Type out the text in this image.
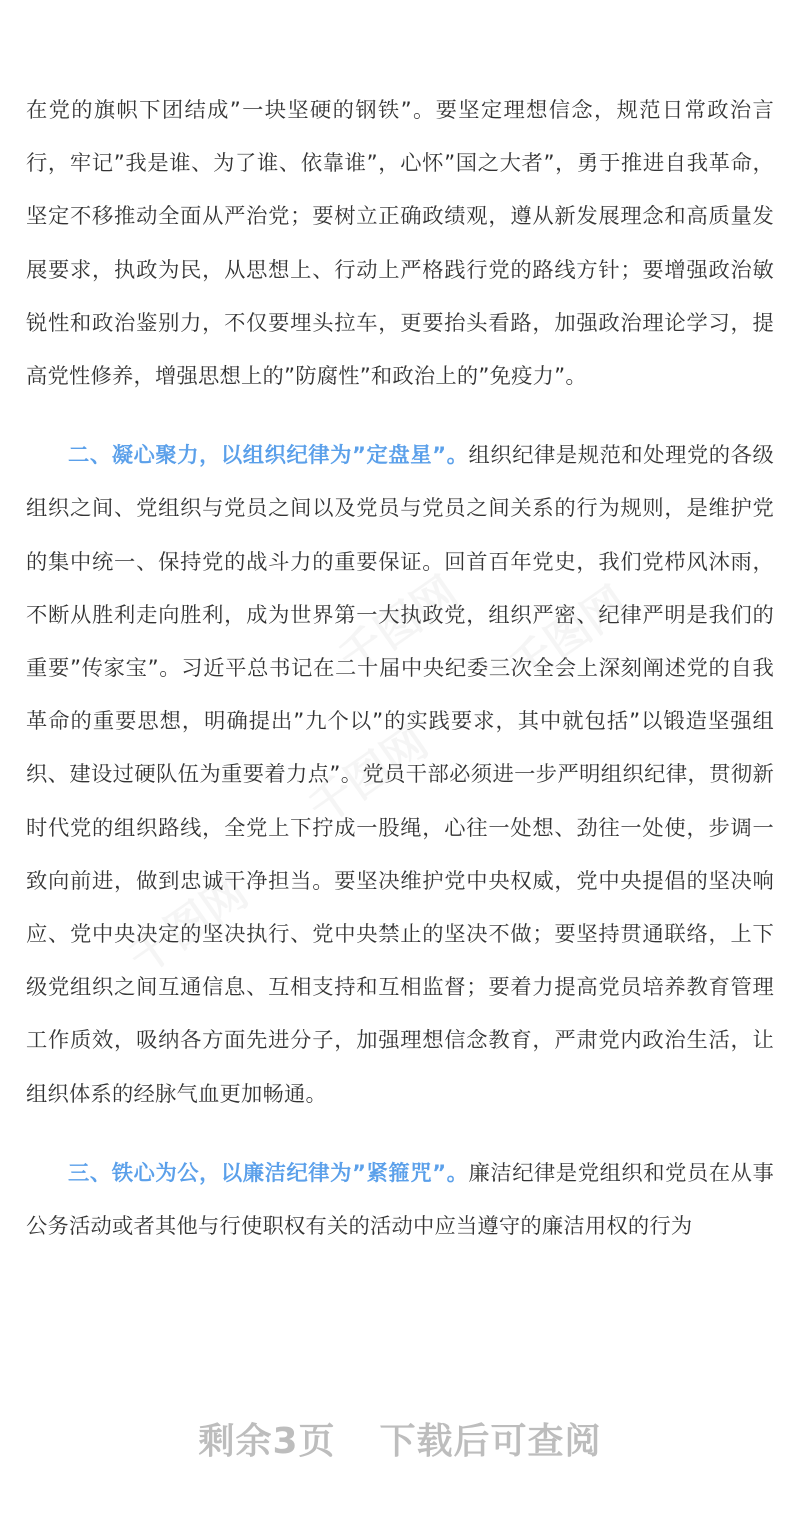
千图网 千图网
千图网
千图网

在党的旗帜下团结成”一块坚硬的钢铁”。要坚定理想信念，规范日常政治言行，牢记”我是谁、为了谁、依靠谁”，心怀”国之大者”，勇于推进自我革命，坚定不移推动全面从严治党；要树立正确政绩观，遵从新发展理念和高质量发展要求，执政为民，从思想上、行动上严格践行党的路线方针；要增强政治敏锐性和政治鉴别力，不仅要埋头拉车，更要抬头看路，加强政治理论学习，提高党性修养，增强思想上的”防腐性”和政治上的”免疫力”。

二、凝心聚力，以组织纪律为”定盘星”。组织纪律是规范和处理党的各级组织之间、党组织与党员之间以及党员与党员之间关系的行为规则，是维护党的集中统一、保持党的战斗力的重要保证。回首百年党史，我们党栉风沐雨，不断从胜利走向胜利，成为世界第一大执政党，组织严密、纪律严明是我们的重要”传家宝”。习近平总书记在二十届中央纪委三次全会上深刻阐述党的自我革命的重要思想，明确提出”九个以”的实践要求，其中就包括”以锻造坚强组织、建设过硬队伍为重要着力点”。党员干部必须进一步严明组织纪律，贯彻新时代党的组织路线，全党上下拧成一股绳，心往一处想、劲往一处使，步调一致向前进，做到忠诚干净担当。要坚决维护党中央权威，党中央提倡的坚决响应、党中央决定的坚决执行、党中央禁止的坚决不做；要坚持贯通联络，上下级党组织之间互通信息、互相支持和互相监督；要着力提高党员培养教育管理工作质效，吸纳各方面先进分子，加强理想信念教育，严肃党内政治生活，让组织体系的经脉气血更加畅通。

三、铁心为公，以廉洁纪律为”紧箍咒”。廉洁纪律是党组织和党员在从事公务活动或者其他与行使职权有关的活动中应当遵守的廉洁用权的行为

剩余3页 下载后可查阅
